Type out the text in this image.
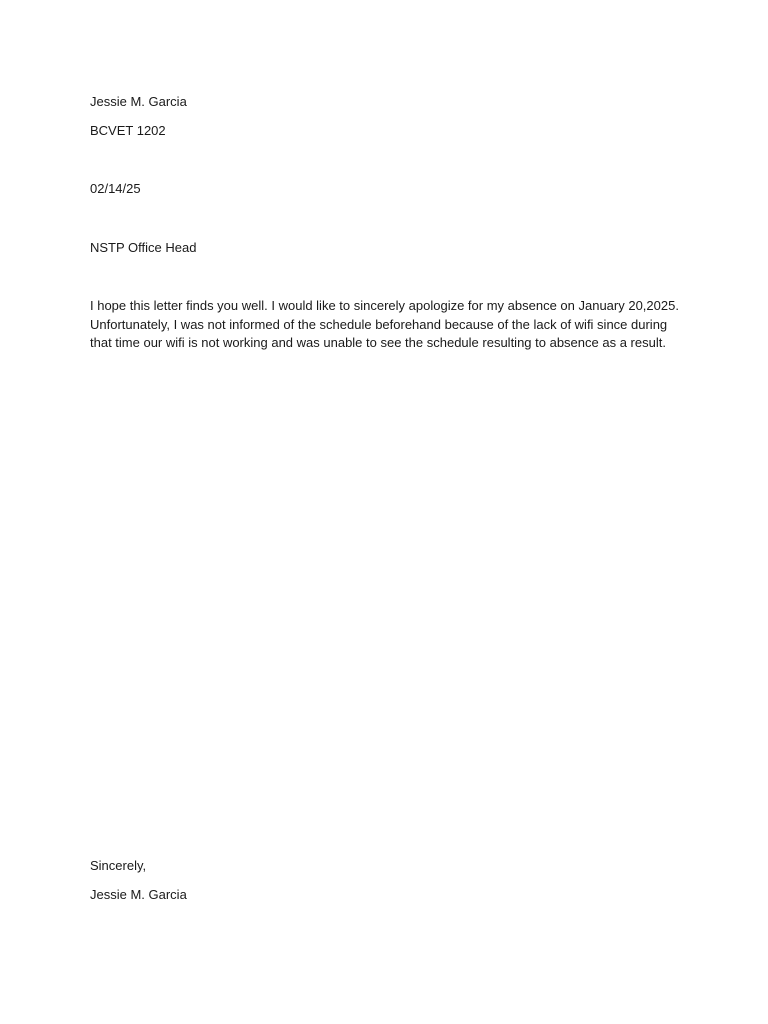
Jessie M. Garcia
BCVET 1202
02/14/25
NSTP Office Head
I hope this letter finds you well. I would like to sincerely apologize for my absence on January 20,2025.
Unfortunately, I was not informed of the schedule beforehand because of the lack of wifi since during
that time our wifi is not working and was unable to see the schedule resulting to absence as a result.
Sincerely,
Jessie M. Garcia
